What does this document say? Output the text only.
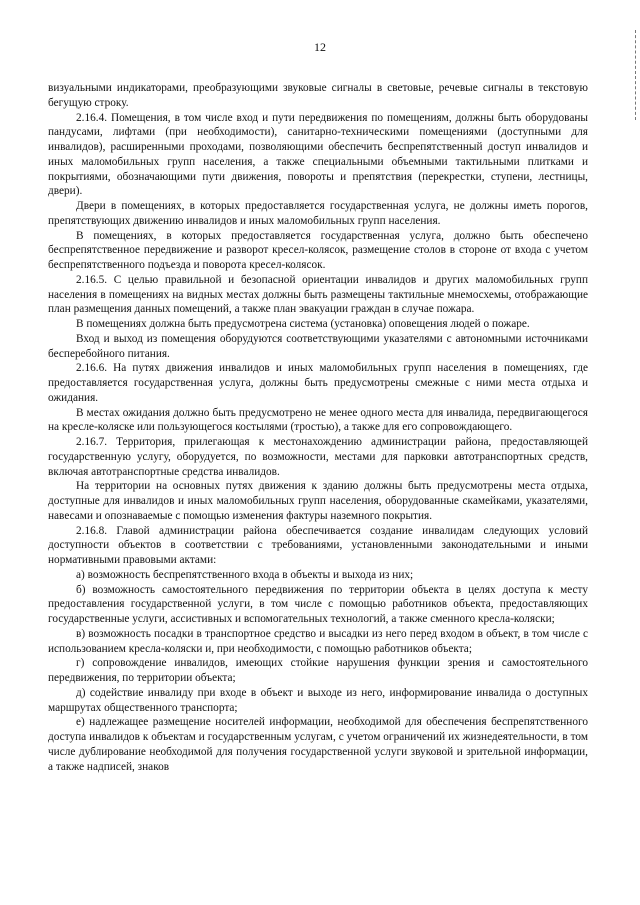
12

визуальными индикаторами, преобразующими звуковые сигналы в световые, речевые сигналы в текстовую бегущую строку.

2.16.4. Помещения, в том числе вход и пути передвижения по помещениям, должны быть оборудованы пандусами, лифтами (при необходимости), санитарно-техническими помещениями (доступными для инвалидов), расширенными проходами, позволяющими обеспечить беспрепятственный доступ инвалидов и иных маломобильных групп населения, а также специальными объемными тактильными плитками и покрытиями, обозначающими пути движения, повороты и препятствия (перекрестки, ступени, лестницы, двери).

Двери в помещениях, в которых предоставляется государственная услуга, не должны иметь порогов, препятствующих движению инвалидов и иных маломобильных групп населения.

В помещениях, в которых предоставляется государственная услуга, должно быть обеспечено беспрепятственное передвижение и разворот кресел-колясок, размещение столов в стороне от входа с учетом беспрепятственного подъезда и поворота кресел-колясок.

2.16.5. С целью правильной и безопасной ориентации инвалидов и других маломобильных групп населения в помещениях на видных местах должны быть размещены тактильные мнемосхемы, отображающие план размещения данных помещений, а также план эвакуации граждан в случае пожара.

В помещениях должна быть предусмотрена система (установка) оповещения людей о пожаре.

Вход и выход из помещения оборудуются соответствующими указателями с автономными источниками бесперебойного питания.

2.16.6. На путях движения инвалидов и иных маломобильных групп населения в помещениях, где предоставляется государственная услуга, должны быть предусмотрены смежные с ними места отдыха и ожидания.

В местах ожидания должно быть предусмотрено не менее одного места для инвалида, передвигающегося на кресле-коляске или пользующегося костылями (тростью), а также для его сопровождающего.

2.16.7. Территория, прилегающая к местонахождению администрации района, предоставляющей государственную услугу, оборудуется, по возможности, местами для парковки автотранспортных средств, включая автотранспортные средства инвалидов.

На территории на основных путях движения к зданию должны быть предусмотрены места отдыха, доступные для инвалидов и иных маломобильных групп населения, оборудованные скамейками, указателями, навесами и опознаваемые с помощью изменения фактуры наземного покрытия.

2.16.8. Главой администрации района обеспечивается создание инвалидам следующих условий доступности объектов в соответствии с требованиями, установленными законодательными и иными нормативными правовыми актами:

а) возможность беспрепятственного входа в объекты и выхода из них;

б) возможность самостоятельного передвижения по территории объекта в целях доступа к месту предоставления государственной услуги, в том числе с помощью работников объекта, предоставляющих государственные услуги, ассистивных и вспомогательных технологий, а также сменного кресла-коляски;

в) возможность посадки в транспортное средство и высадки из него перед входом в объект, в том числе с использованием кресла-коляски и, при необходимости, с помощью работников объекта;

г) сопровождение инвалидов, имеющих стойкие нарушения функции зрения и самостоятельного передвижения, по территории объекта;

д) содействие инвалиду при входе в объект и выходе из него, информирование инвалида о доступных маршрутах общественного транспорта;

е) надлежащее размещение носителей информации, необходимой для обеспечения беспрепятственного доступа инвалидов к объектам и государственным услугам, с учетом ограничений их жизнедеятельности, в том числе дублирование необходимой для получения государственной услуги звуковой и зрительной информации, а также надписей, знаков
